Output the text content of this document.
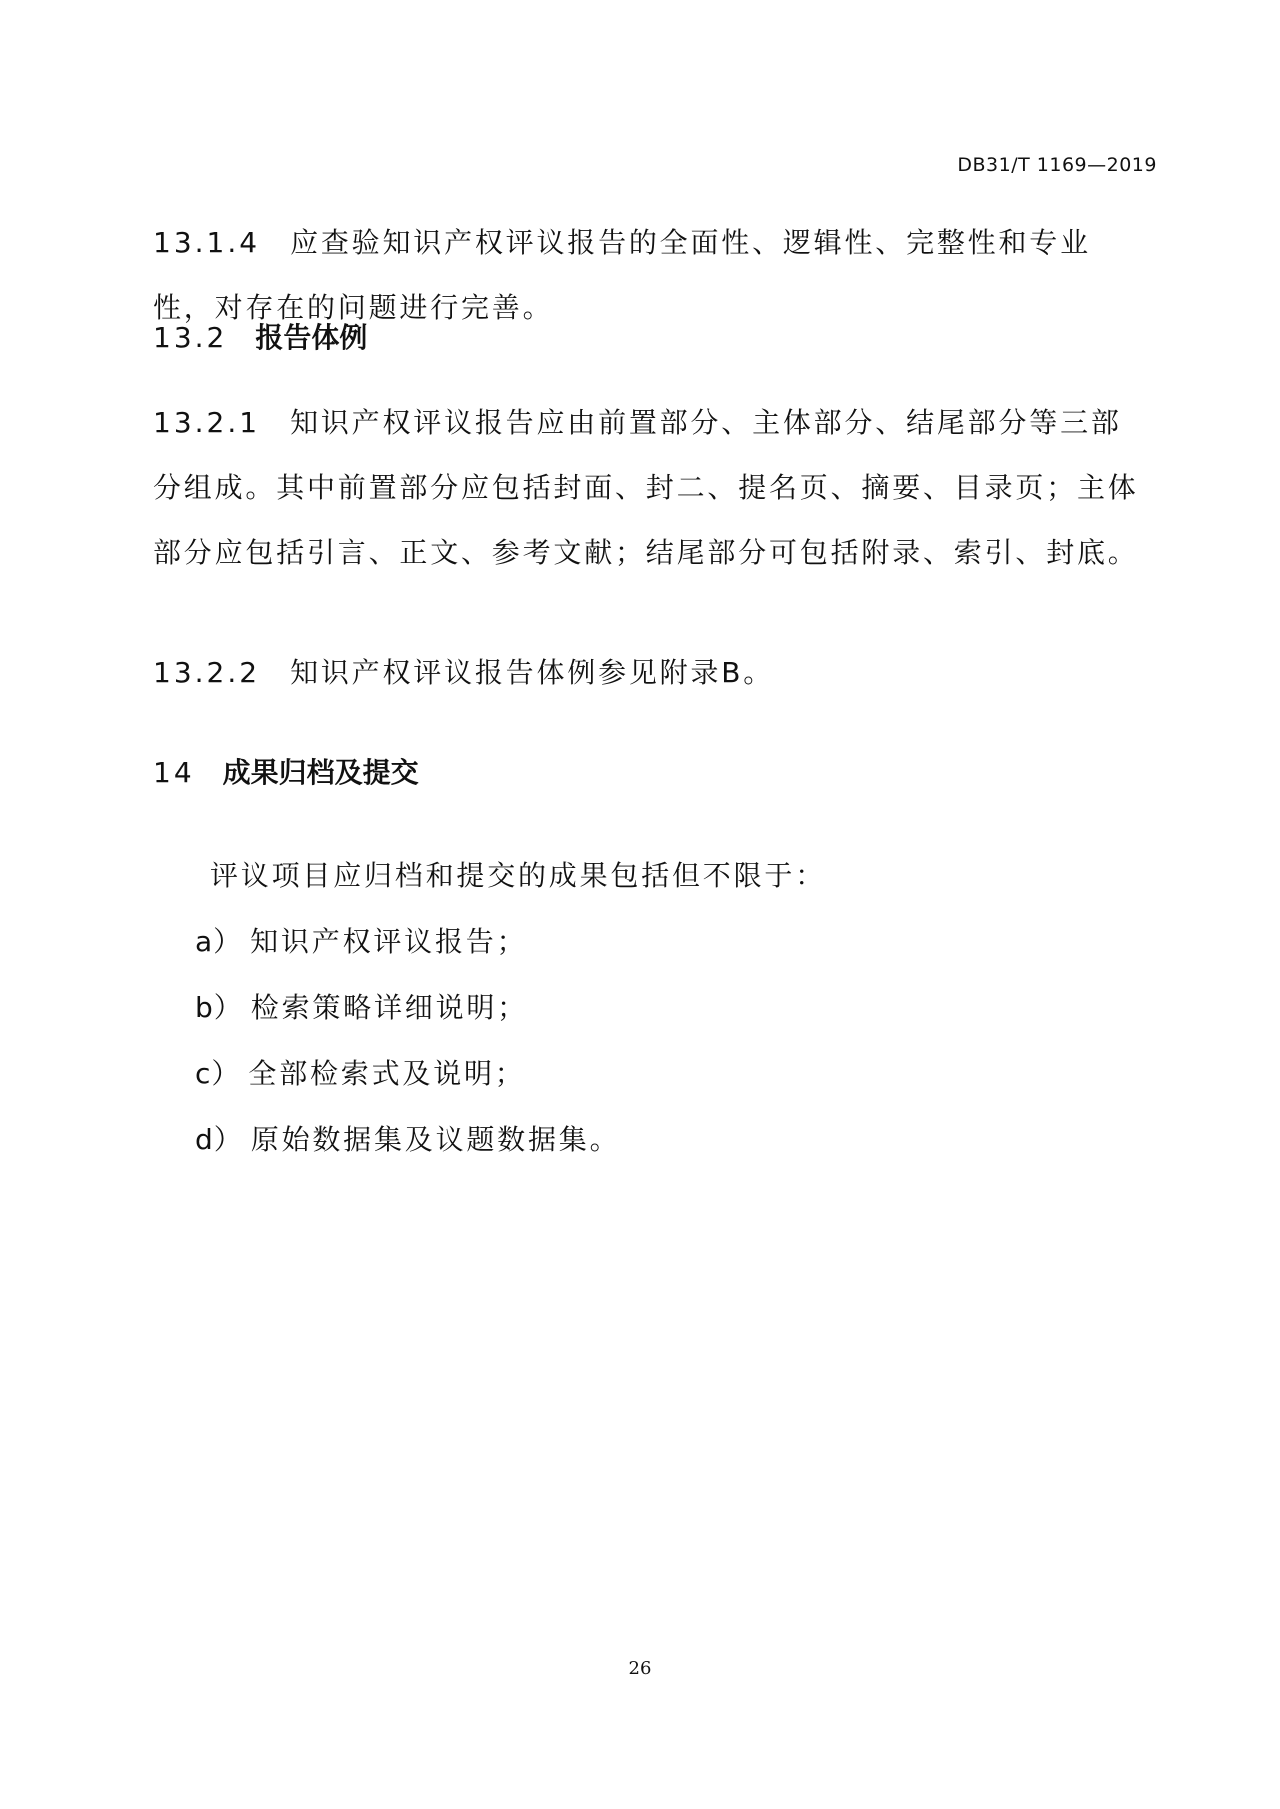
DB31/T 1169—2019
13.1.4 应查验知识产权评议报告的全面性、逻辑性、完整性和专业性，对存在的问题进行完善。
13.2 报告体例
13.2.1 知识产权评议报告应由前置部分、主体部分、结尾部分等三部分组成。其中前置部分应包括封面、封二、提名页、摘要、目录页；主体部分应包括引言、正文、参考文献；结尾部分可包括附录、索引、封底。
13.2.2 知识产权评议报告体例参见附录B。
14 成果归档及提交
评议项目应归档和提交的成果包括但不限于：
a） 知识产权评议报告；
b） 检索策略详细说明；
c） 全部检索式及说明；
d） 原始数据集及议题数据集。
26
